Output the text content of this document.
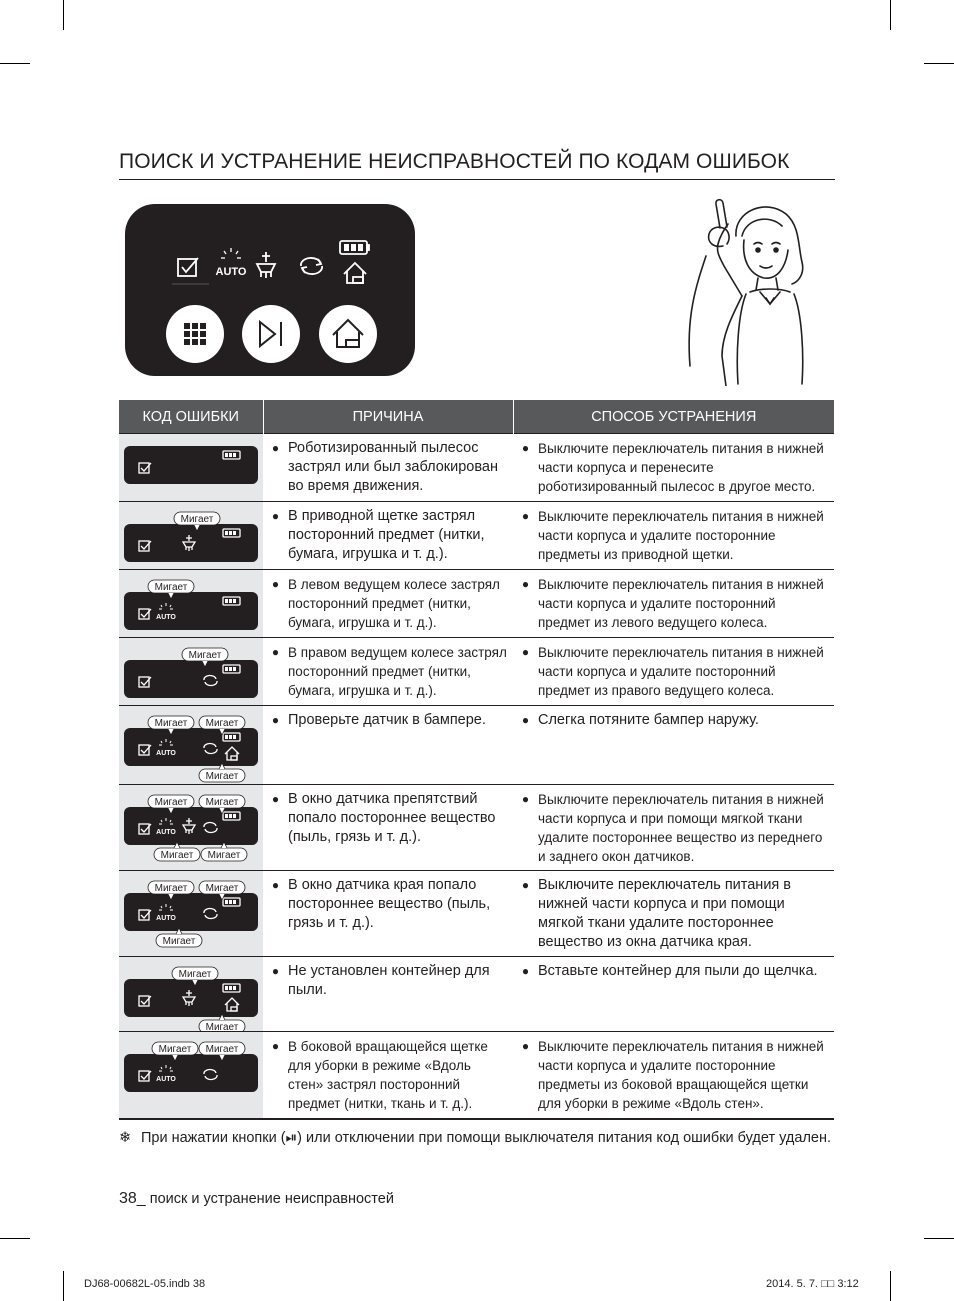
ПОИСК И УСТРАНЕНИЕ НЕИСПРАВНОСТЕЙ ПО КОДАМ ОШИБОК
AUTO
КОД ОШИБКИ	ПРИЧИНА	СПОСОБ УСТРАНЕНИЯ

● Роботизированный пылесос застрял или был заблокирован во время движения.	● Выключите переключатель питания в нижней части корпуса и перенесите роботизированный пылесос в другое место.

Мигает	● В приводной щетке застрял посторонний предмет (нитки, бумага, игрушка и т. д.).	● Выключите переключатель питания в нижней части корпуса и удалите посторонние предметы из приводной щетки.

AUTO
Мигает	● В левом ведущем колесе застрял посторонний предмет (нитки, бумага, игрушка и т. д.).	● Выключите переключатель питания в нижней части корпуса и удалите посторонний предмет из левого ведущего колеса.

Мигает	● В правом ведущем колесе застрял посторонний предмет (нитки, бумага, игрушка и т. д.).	● Выключите переключатель питания в нижней части корпуса и удалите посторонний предмет из правого ведущего колеса.

AUTO
Мигает Мигает
Мигает	● Проверьте датчик в бампере.	● Слегка потяните бампер наружу.

AUTO
Мигает Мигает
Мигает Мигает	● В окно датчика препятствий попало постороннее вещество (пыль, грязь и т. д.).	● Выключите переключатель питания в нижней части корпуса и при помощи мягкой ткани удалите постороннее вещество из переднего и заднего окон датчиков.

AUTO
Мигает Мигает
Мигает	● В окно датчика края попало постороннее вещество (пыль, грязь и т. д.).	● Выключите переключатель питания в нижней части корпуса и при помощи мягкой ткани удалите постороннее вещество из окна датчика края.

Мигает
Мигает	● Не установлен контейнер для пыли.	● Вставьте контейнер для пыли до щелчка.

AUTO
Мигает Мигает	● В боковой вращающейся щетке для уборки в режиме «Вдоль стен» застрял посторонний предмет (нитки, ткань и т. д.).	● Выключите переключатель питания в нижней части корпуса и удалите посторонние предметы из боковой вращающейся щетки для уборки в режиме «Вдоль стен».
❄ При нажатии кнопки (⏯) или отключении при помощи выключателя питания код ошибки будет удален.
38_ поиск и устранение неисправностей
DJ68-00682L-05.indb 38	2014. 5. 7. □□ 3:12
